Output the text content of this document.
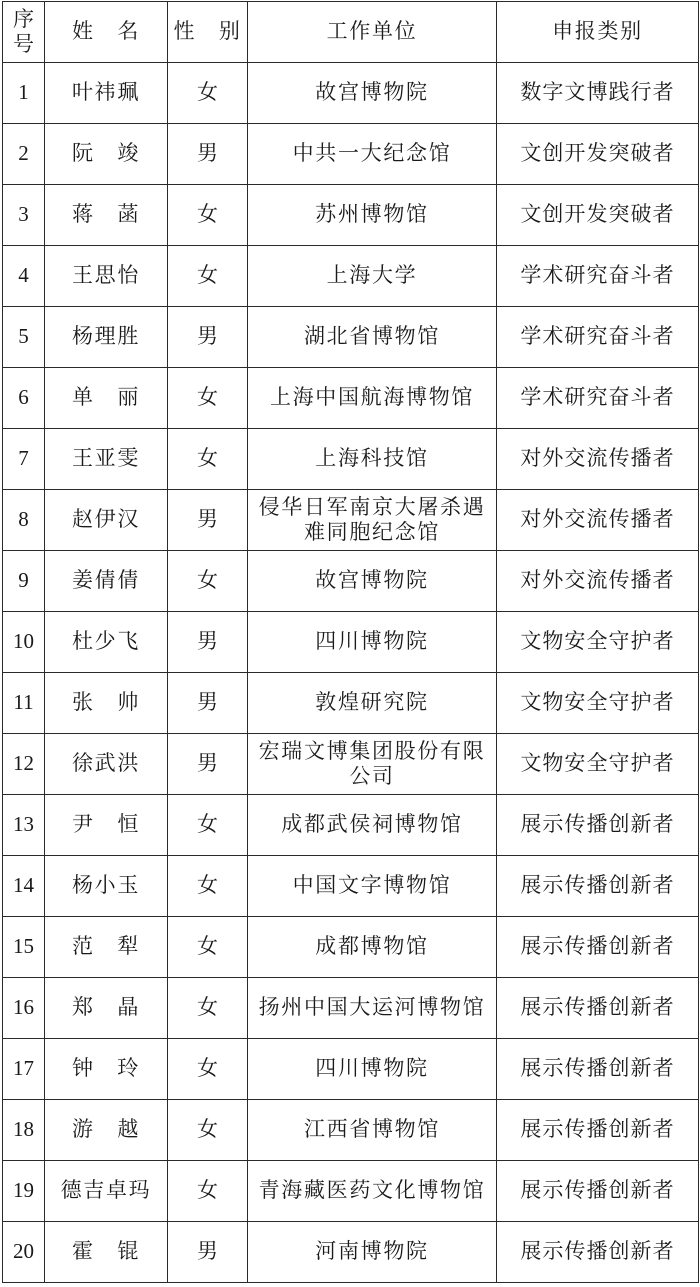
序号	姓　名	性　别	工作单位	申报类别
1	叶祎珮	女	故宫博物院	数字文博践行者
2	阮　竣	男	中共一大纪念馆	文创开发突破者
3	蒋　菡	女	苏州博物馆	文创开发突破者
4	王思怡	女	上海大学	学术研究奋斗者
5	杨理胜	男	湖北省博物馆	学术研究奋斗者
6	单　丽	女	上海中国航海博物馆	学术研究奋斗者
7	王亚雯	女	上海科技馆	对外交流传播者
8	赵伊汉	男	侵华日军南京大屠杀遇难同胞纪念馆	对外交流传播者
9	姜倩倩	女	故宫博物院	对外交流传播者
10	杜少飞	男	四川博物院	文物安全守护者
11	张　帅	男	敦煌研究院	文物安全守护者
12	徐武洪	男	宏瑞文博集团股份有限公司	文物安全守护者
13	尹　恒	女	成都武侯祠博物馆	展示传播创新者
14	杨小玉	女	中国文字博物馆	展示传播创新者
15	范　犁	女	成都博物馆	展示传播创新者
16	郑　晶	女	扬州中国大运河博物馆	展示传播创新者
17	钟　玲	女	四川博物院	展示传播创新者
18	游　越	女	江西省博物馆	展示传播创新者
19	德吉卓玛	女	青海藏医药文化博物馆	展示传播创新者
20	霍　锟	男	河南博物院	展示传播创新者
